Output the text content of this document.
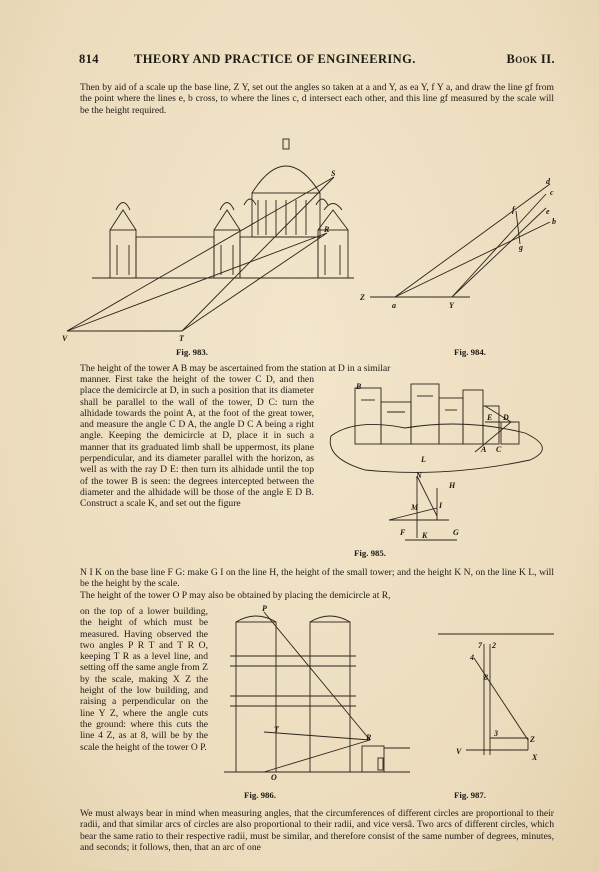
814	THEORY AND PRACTICE OF ENGINEERING.	Book II.
Then by aid of a scale up the base line, Z Y, set out the angles so taken at a and Y, as ea Y, f Y a, and draw the line gf from the point where the lines e, b cross, to where the lines c, d intersect each other, and this line gf measured by the scale will be the height required.
V	T
S
R
Fig. 983.
d
c
f	e
b
g
Z
a	Y
Fig. 984.
The height of the tower A B may be ascertained from the station at D in a similar
manner. First take the height of the tower C D, and then place the demicircle at D, in such a position that its diameter shall be parallel to the wall of the tower, D C: turn the alhidade towards the point A, at the foot of the great tower, and measure the angle C D A, the angle D C A being a right angle. Keeping the demicircle at D, place it in such a manner that its graduated limb shall be uppermost, its plane perpendicular, and its diameter parallel with the horizon, as well as with the ray D E: then turn its alhidade until the top of the tower B is seen: the degrees intercepted between the diameter and the alhidade will be those of the angle E D B. Construct a scale K, and set out the figure
B
E D
A C
L
N
H
M	I
F K	G
Fig. 985.
N I K on the base line F G: make G I on the line H, the height of the small tower; and the height K N, on the line K L, will be the height by the scale.
The height of the tower O P may also be obtained by placing the demicircle at R,
on the top of a lower building, the height of which must be measured. Having observed the two angles P R T and T R O, keeping T R as a level line, and setting off the same angle from Z by the scale, making X Z the height of the low building, and raising a perpendicular on the line Y Z, where the angle cuts the ground: where this cuts the line 4 Z, as at 8, will be by the scale the height of the tower O P.
P
T
R
O
Fig. 986.
7 2
4
8
3
Z
V
X
Fig. 987.
We must always bear in mind when measuring angles, that the circumferences of different circles are proportional to their radii, and that similar arcs of circles are also proportional to their radii, and vice versâ. Two arcs of different circles, which bear the same ratio to their respective radii, must be similar, and therefore consist of the same number of degrees, minutes, and seconds; it follows, then, that an arc of one
